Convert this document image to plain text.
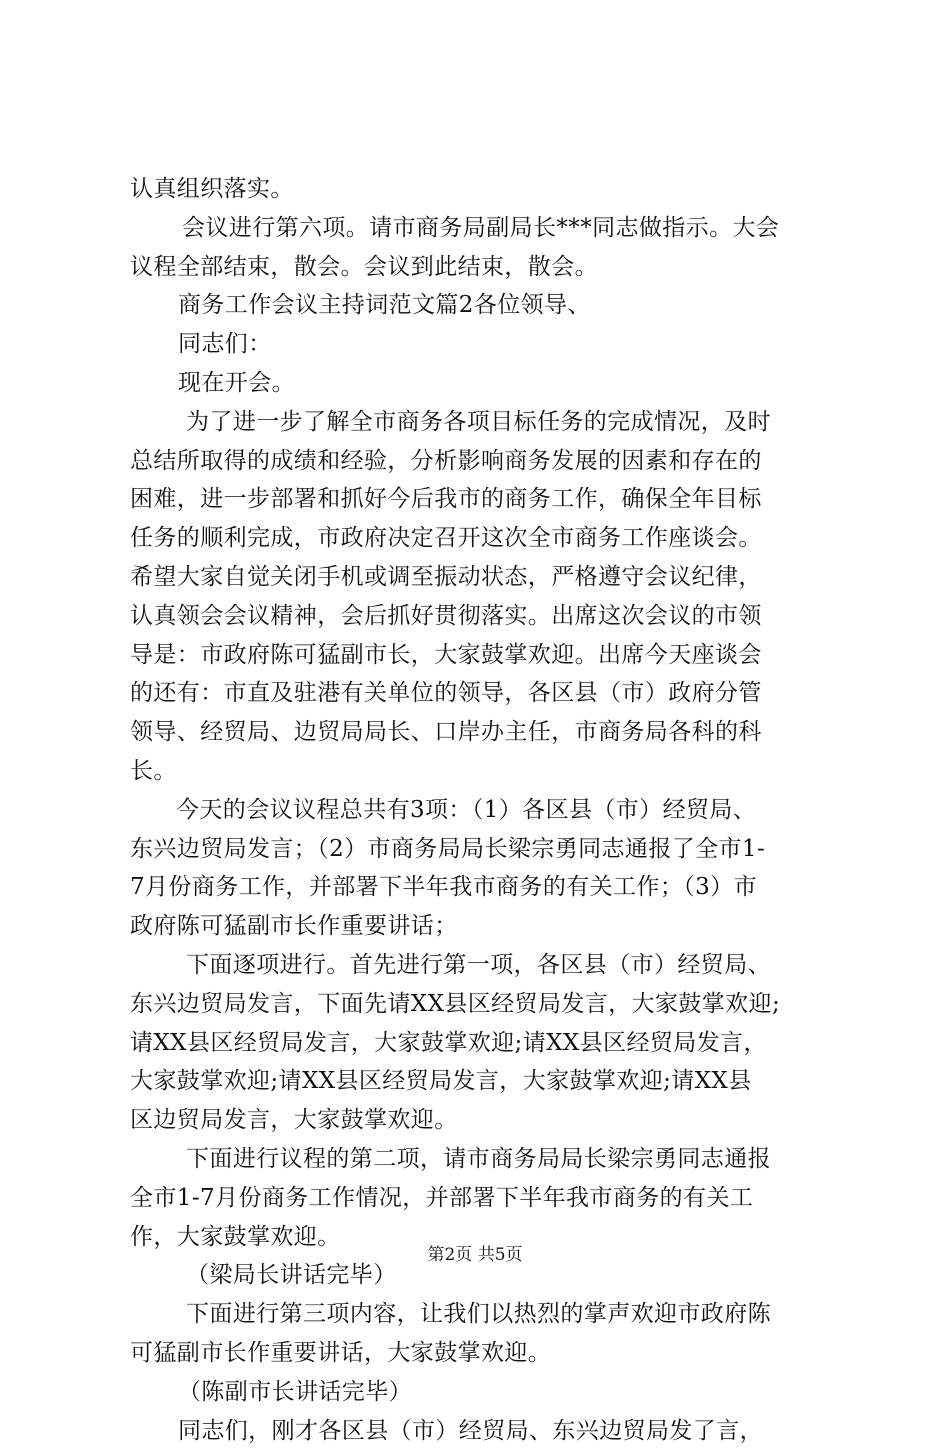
认真组织落实。
会议进行第六项。请市商务局副局长***同志做指示。大会
议程全部结束，散会。会议到此结束，散会。
商务工作会议主持词范文篇2各位领导、
同志们：
现在开会。
为了进一步了解全市商务各项目标任务的完成情况，及时
总结所取得的成绩和经验，分析影响商务发展的因素和存在的
困难，进一步部署和抓好今后我市的商务工作，确保全年目标
任务的顺利完成，市政府决定召开这次全市商务工作座谈会。
希望大家自觉关闭手机或调至振动状态，严格遵守会议纪律，
认真领会会议精神，会后抓好贯彻落实。出席这次会议的市领
导是：市政府陈可猛副市长，大家鼓掌欢迎。出席今天座谈会
的还有：市直及驻港有关单位的领导，各区县（市）政府分管
领导、经贸局、边贸局局长、口岸办主任，市商务局各科的科
长。
今天的会议议程总共有3项：（1）各区县（市）经贸局、
东兴边贸局发言；（2）市商务局局长梁宗勇同志通报了全市1-
7月份商务工作，并部署下半年我市商务的有关工作；（3）市
政府陈可猛副市长作重要讲话；
下面逐项进行。首先进行第一项，各区县（市）经贸局、
东兴边贸局发言，下面先请XX县区经贸局发言，大家鼓掌欢迎;
请XX县区经贸局发言，大家鼓掌欢迎;请XX县区经贸局发言，
大家鼓掌欢迎;请XX县区经贸局发言，大家鼓掌欢迎;请XX县
区边贸局发言，大家鼓掌欢迎。
下面进行议程的第二项，请市商务局局长梁宗勇同志通报
全市1-7月份商务工作情况，并部署下半年我市商务的有关工
作，大家鼓掌欢迎。
（梁局长讲话完毕）
下面进行第三项内容，让我们以热烈的掌声欢迎市政府陈
可猛副市长作重要讲话，大家鼓掌欢迎。
（陈副市长讲话完毕）
同志们，刚才各区县（市）经贸局、东兴边贸局发了言，
第2页 共5页
